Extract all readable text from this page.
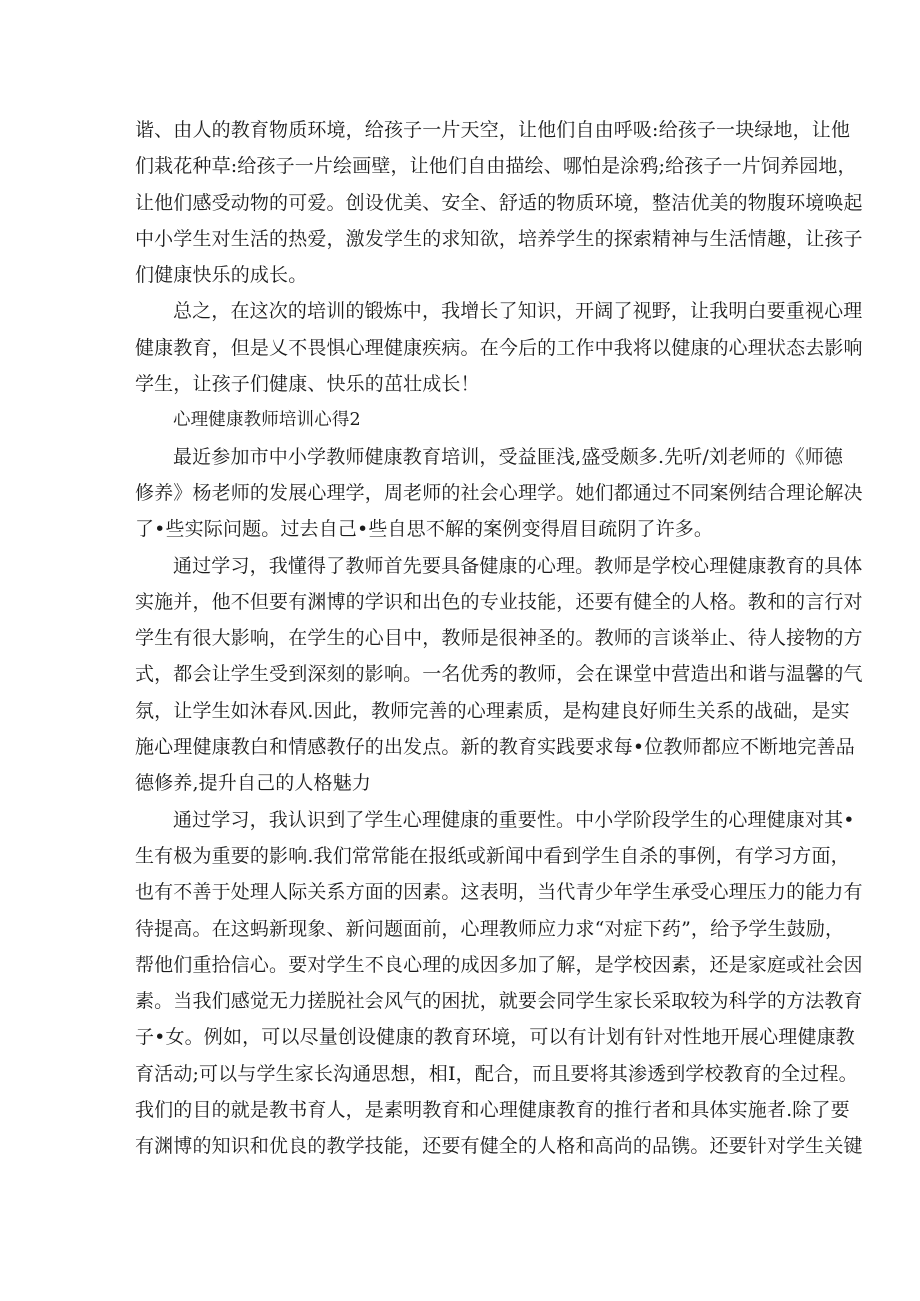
谐、由人的教育物质环境，给孩子一片天空，让他们自由呼吸:给孩子一块绿地，让他
们栽花种草:给孩子一片绘画壁，让他们自由描绘、哪怕是涂鸦;给孩子一片饲养园地，
让他们感受动物的可爱。创设优美、安全、舒适的物质环境，整洁优美的物腹环境唤起
中小学生对生活的热爱，激发学生的求知欲，培养学生的探索精神与生活情趣，让孩子
们健康快乐的成长。

总之，在这次的培训的锻炼中，我增长了知识，开阔了视野，让我明白要重视心理
健康教育，但是乂不畏惧心理健康疾病。在今后的工作中我将以健康的心理状态去影响
学生，让孩子们健康、快乐的茁壮成长！

心理健康教师培训心得2

最近参加市中小学教师健康教育培训，受益匪浅,盛受颇多.先听/刘老师的《师德
修养》杨老师的发展心理学，周老师的社会心理学。她们都通过不同案例结合理论解决
了•些实际问题。过去自己•些自思不解的案例变得眉目疏阴了许多。

通过学习，我懂得了教师首先要具备健康的心理。教师是学校心理健康教育的具体
实施并，他不但要有渊博的学识和出色的专业技能，还要有健全的人格。教和的言行对
学生有很大影响，在学生的心目中，教师是很神圣的。教师的言谈举止、待人接物的方
式，都会让学生受到深刻的影响。一名优秀的教师，会在课堂中营造出和谐与温馨的气
氛，让学生如沐春风.因此，教师完善的心理素质，是构建良好师生关系的战础，是实
施心理健康教白和情感教仔的出发点。新的教育实践要求每•位教师都应不断地完善品
德修养,提升自己的人格魅力

通过学习，我认识到了学生心理健康的重要性。中小学阶段学生的心理健康对其•
生有极为重要的影响.我们常常能在报纸或新闻中看到学生自杀的事例，有学习方面，
也有不善于处理人际关系方面的因素。这表明，当代青少年学生承受心理压力的能力有
待提高。在这蚂新现象、新问题面前，心理教师应力求“对症下药”，给予学生鼓励，
帮他们重拾信心。要对学生不良心理的成因多加了解，是学校因素，还是家庭或社会因
素。当我们感觉无力搓脱社会风气的困扰，就要会同学生家长采取较为科学的方法教育
子•女。例如，可以尽量创设健康的教育环境，可以有计划有针对性地开展心理健康教
育活动;可以与学生家长沟通思想，相I，配合，而且要将其渗透到学校教育的全过程。
我们的目的就是教书育人，是素明教育和心理健康教育的推行者和具体实施者.除了要
有渊博的知识和优良的教学技能，还要有健全的人格和高尚的品镌。还要针对学生关键
